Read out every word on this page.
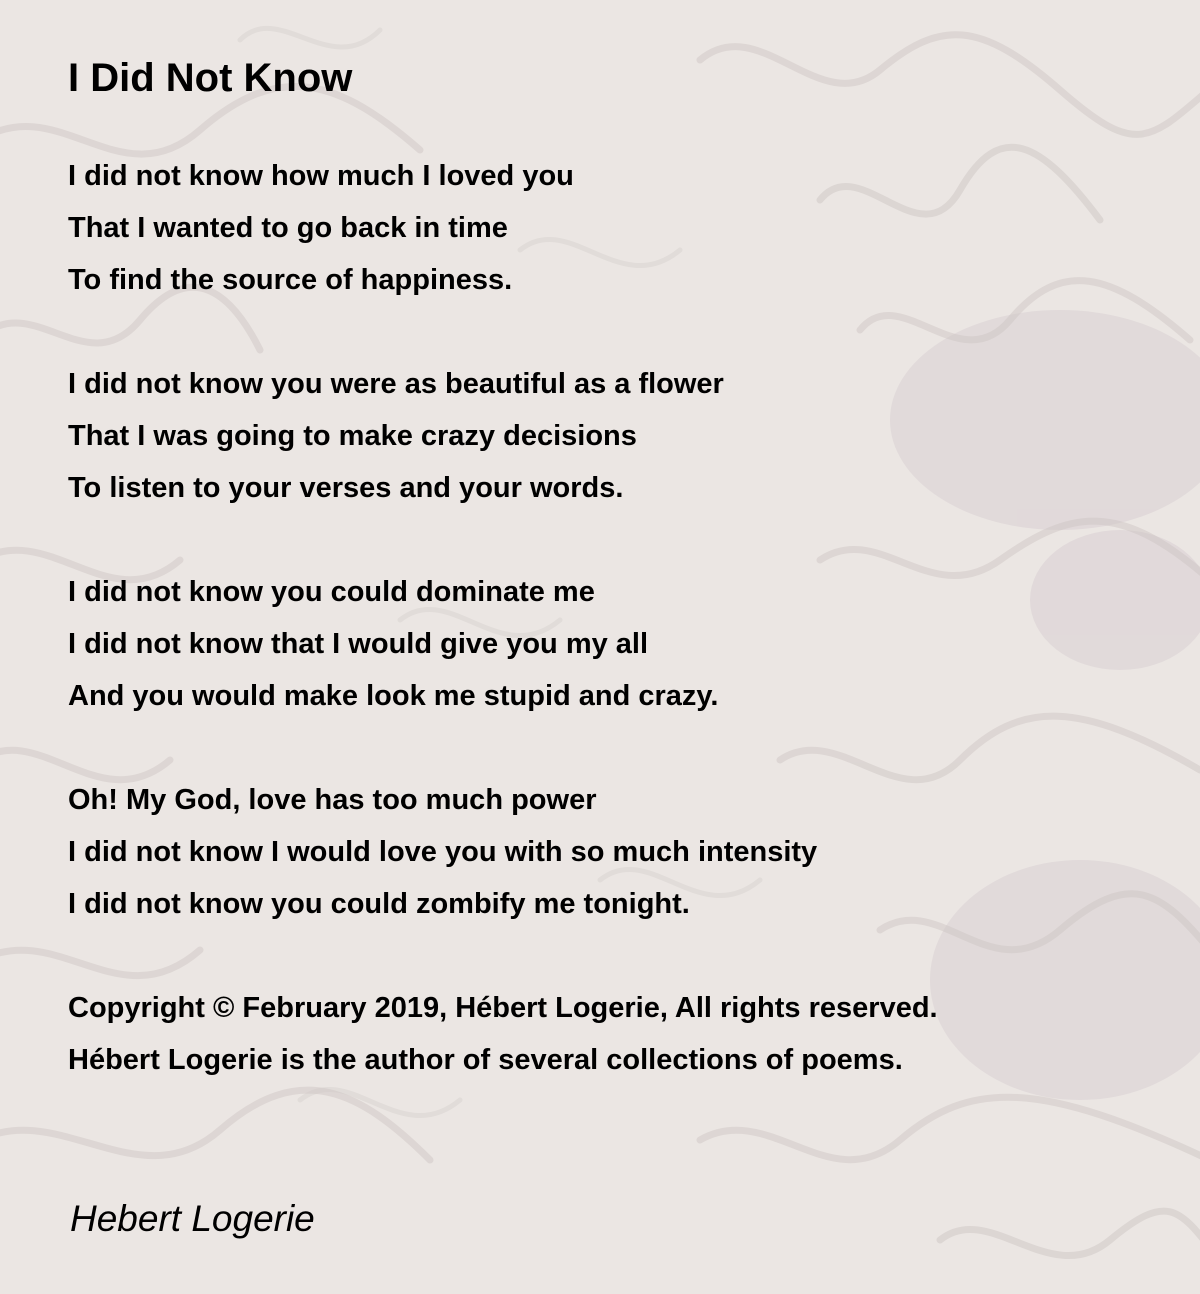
I Did Not Know
I did not know how much I loved you
That I wanted to go back in time
To find the source of happiness.
I did not know you were as beautiful as a flower
That I was going to make crazy decisions
To listen to your verses and your words.
I did not know you could dominate me
I did not know that I would give you my all
And you would make look me stupid and crazy.
Oh! My God, love has too much power
I did not know I would love you with so much intensity
I did not know you could zombify me tonight.
Copyright © February 2019, Hébert Logerie, All rights reserved.
Hébert Logerie is the author of several collections of poems.
Hebert Logerie
